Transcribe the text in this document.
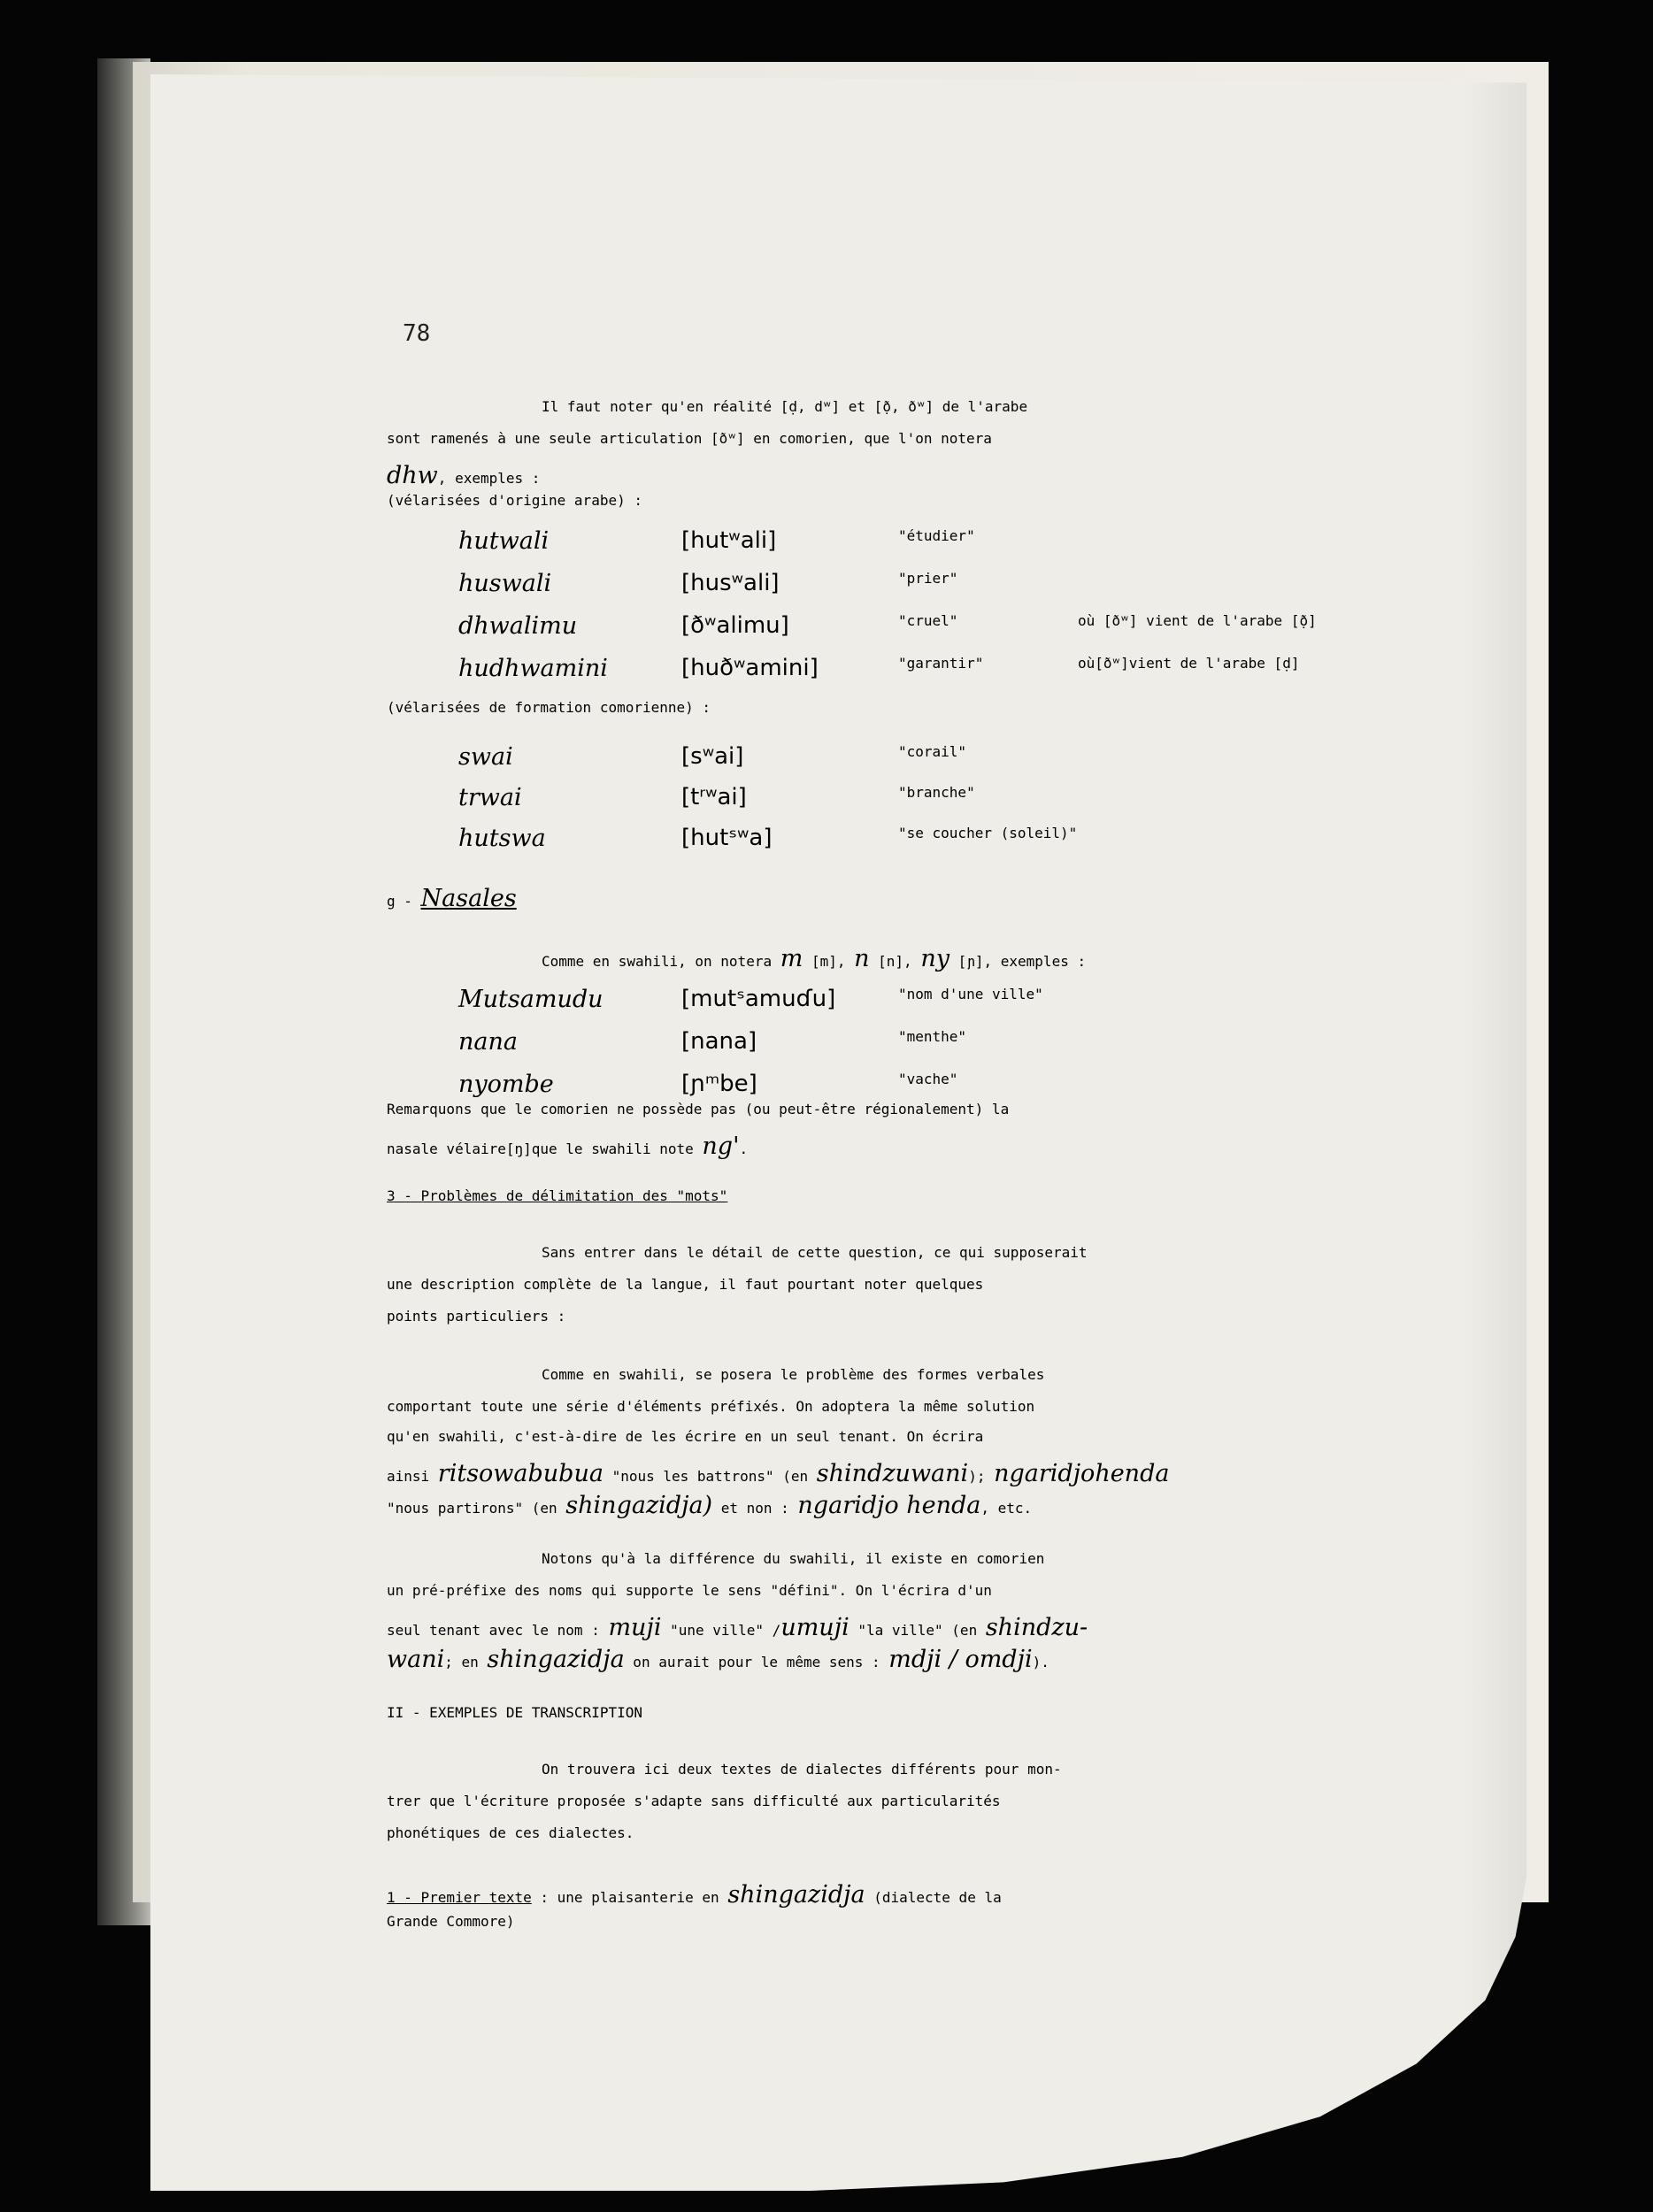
78
Il faut noter qu'en réalité [ḍ, dʷ] et [ð̣, ðʷ] de l'arabe
sont ramenés à une seule articulation [ðʷ] en comorien, que l'on notera
dhw, exemples :
(vélarisées d'origine arabe) :
hutwali	[hutʷali]	"étudier"
huswali	[husʷali]	"prier"
dhwalimu	[ðʷalimu]	"cruel"	où [ðʷ] vient de l'arabe [ð̣]
hudhwamini	[huðʷamini]	"garantir"	où[ðʷ]vient de l'arabe [ḍ]
(vélarisées de formation comorienne) :
swai	[sʷai]	"corail"
trwai	[tʳʷai]	"branche"
hutswa	[hutˢʷa]	"se coucher (soleil)"
g - Nasales
Comme en swahili, on notera m [m], n [n], ny [ɲ], exemples :
Mutsamudu	[mutˢamuɗu]	"nom d'une ville"
nana	[nana]	"menthe"
nyombe	[ɲᵐbe]	"vache"
Remarquons que le comorien ne possède pas (ou peut-être régionalement) la
nasale vélaire[ŋ]que le swahili note ng'.
3 - Problèmes de délimitation des "mots"
Sans entrer dans le détail de cette question, ce qui supposerait
une description complète de la langue, il faut pourtant noter quelques
points particuliers :
Comme en swahili, se posera le problème des formes verbales
comportant toute une série d'éléments préfixés. On adoptera la même solution
qu'en swahili, c'est-à-dire de les écrire en un seul tenant. On écrira
ainsi ritsowabubua "nous les battrons" (en shindzuwani); ngaridjohenda
"nous partirons" (en shingazidja) et non : ngaridjo henda, etc.
Notons qu'à la différence du swahili, il existe en comorien
un pré-préfixe des noms qui supporte le sens "défini". On l'écrira d'un
seul tenant avec le nom : muji "une ville" /umuji "la ville" (en shindzu-
wani; en shingazidja on aurait pour le même sens : mdji / omdji).
II - EXEMPLES DE TRANSCRIPTION
On trouvera ici deux textes de dialectes différents pour mon-
trer que l'écriture proposée s'adapte sans difficulté aux particularités
phonétiques de ces dialectes.
1 - Premier texte : une plaisanterie en shingazidja (dialecte de la
Grande Commore)
